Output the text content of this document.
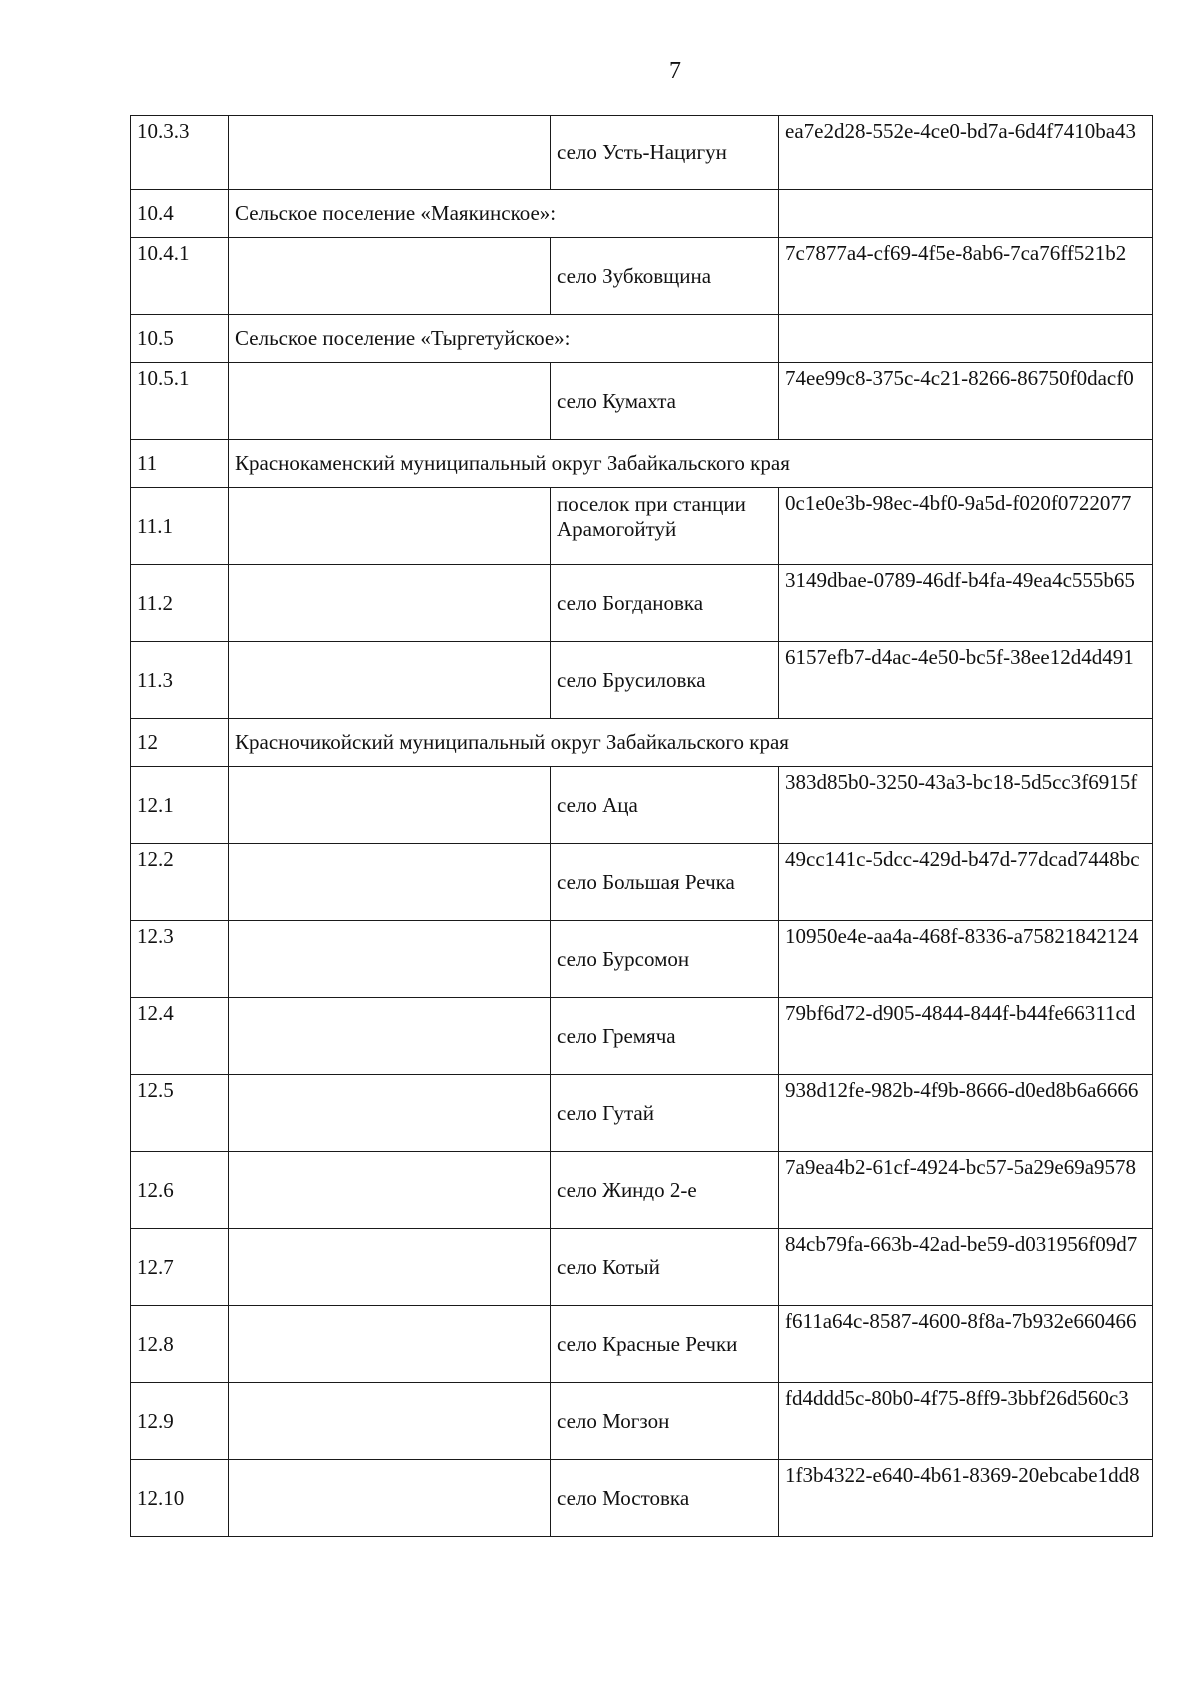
7
10.3.3		село Усть-Нацигун	ea7e2d28-552e-4ce0-bd7a-6d4f7410ba43
10.4	Сельское поселение «Маякинское»:		
10.4.1		село Зубковщина	7c7877a4-cf69-4f5e-8ab6-7ca76ff521b2
10.5	Сельское поселение «Тыргетуйское»:		
10.5.1		село Кумахта	74ee99c8-375c-4c21-8266-86750f0dacf0
11	Краснокаменский муниципальный округ Забайкальского края		
11.1		поселок при станции Арамогойтуй	0c1e0e3b-98ec-4bf0-9a5d-f020f0722077
11.2		село Богдановка	3149dbae-0789-46df-b4fa-49ea4c555b65
11.3		село Брусиловка	6157efb7-d4ac-4e50-bc5f-38ee12d4d491
12	Красночикойский муниципальный округ Забайкальского края		
12.1		село Аца	383d85b0-3250-43a3-bc18-5d5cc3f6915f
12.2		село Большая Речка	49cc141c-5dcc-429d-b47d-77dcad7448bc
12.3		село Бурсомон	10950e4e-aa4a-468f-8336-a75821842124
12.4		село Гремяча	79bf6d72-d905-4844-844f-b44fe66311cd
12.5		село Гутай	938d12fe-982b-4f9b-8666-d0ed8b6a6666
12.6		село Жиндо 2-е	7a9ea4b2-61cf-4924-bc57-5a29e69a9578
12.7		село Котый	84cb79fa-663b-42ad-be59-d031956f09d7
12.8		село Красные Речки	f611a64c-8587-4600-8f8a-7b932e660466
12.9		село Могзон	fd4ddd5c-80b0-4f75-8ff9-3bbf26d560c3
12.10		село Мостовка	1f3b4322-e640-4b61-8369-20ebcabe1dd8
